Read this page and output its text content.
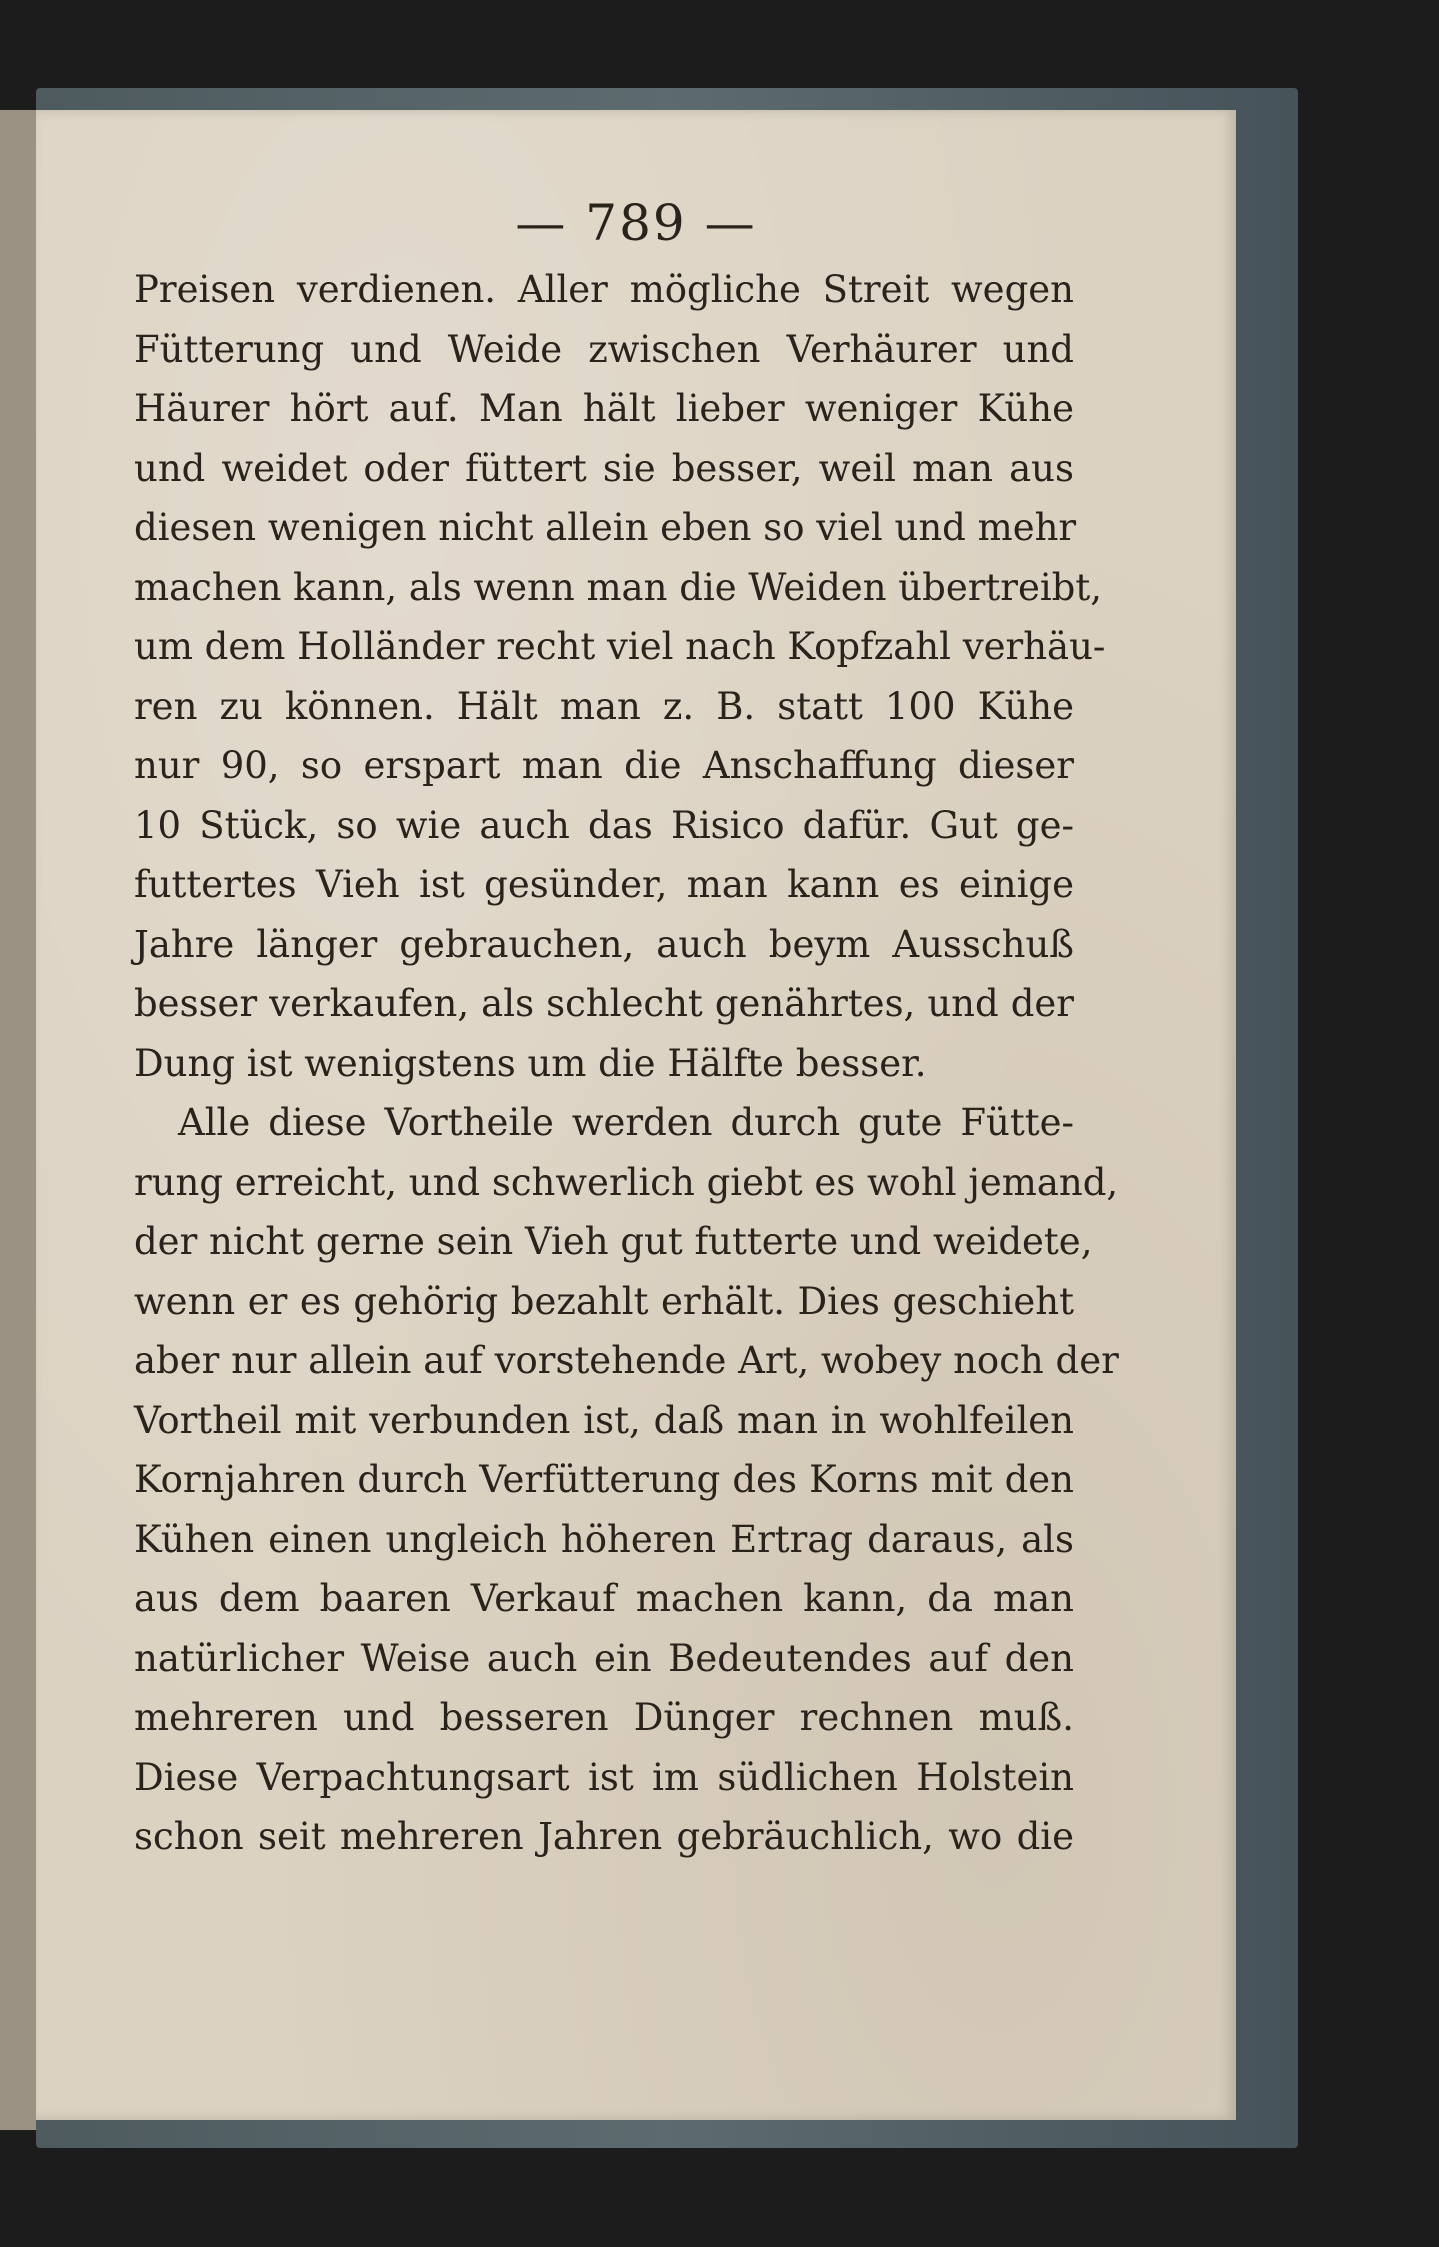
— 789 —
Preisen verdienen. Aller mögliche Streit wegen
Fütterung und Weide zwischen Verhäurer und
Häurer hört auf. Man hält lieber weniger Kühe
und weidet oder füttert sie besser, weil man aus
diesen wenigen nicht allein eben so viel und mehr
machen kann, als wenn man die Weiden übertreibt,
um dem Holländer recht viel nach Kopfzahl verhäu-
ren zu können. Hält man z. B. statt 100 Kühe
nur 90, so erspart man die Anschaffung dieser
10 Stück, so wie auch das Risico dafür. Gut ge-
futtertes Vieh ist gesünder, man kann es einige
Jahre länger gebrauchen, auch beym Ausschuß
besser verkaufen, als schlecht genährtes, und der
Dung ist wenigstens um die Hälfte besser.
Alle diese Vortheile werden durch gute Fütte-
rung erreicht, und schwerlich giebt es wohl jemand,
der nicht gerne sein Vieh gut futterte und weidete,
wenn er es gehörig bezahlt erhält. Dies geschieht
aber nur allein auf vorstehende Art, wobey noch der
Vortheil mit verbunden ist, daß man in wohlfeilen
Kornjahren durch Verfütterung des Korns mit den
Kühen einen ungleich höheren Ertrag daraus, als
aus dem baaren Verkauf machen kann, da man
natürlicher Weise auch ein Bedeutendes auf den
mehreren und besseren Dünger rechnen muß.
Diese Verpachtungsart ist im südlichen Holstein
schon seit mehreren Jahren gebräuchlich, wo die
